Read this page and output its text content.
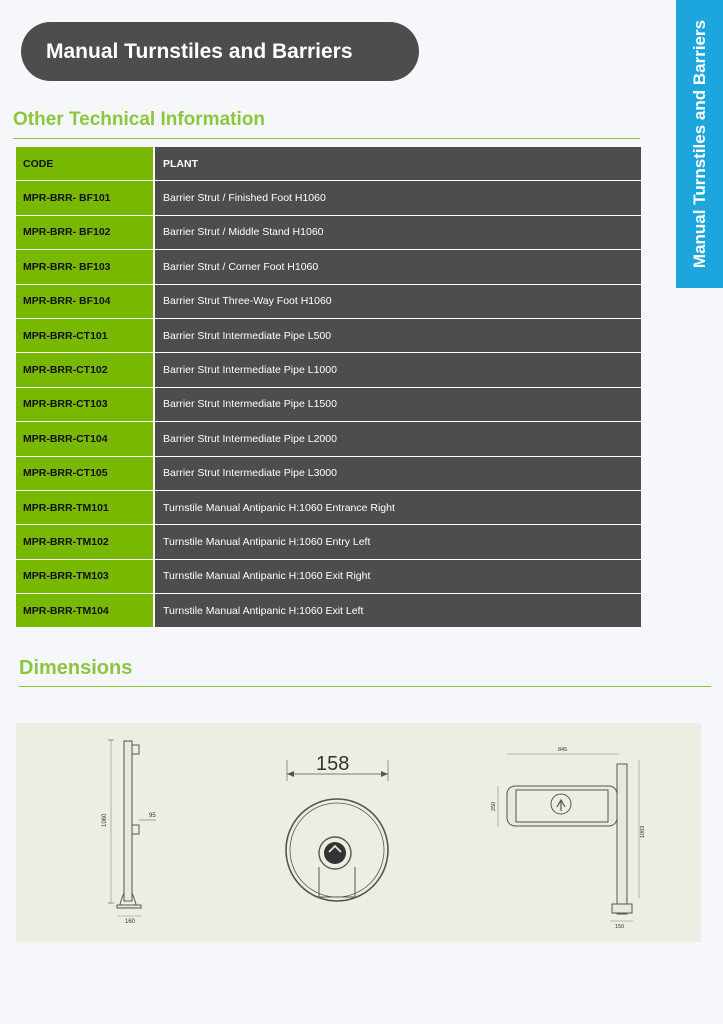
Manual Turnstiles and Barriers	Manual Turnstiles and Barriers
Other Technical Information
CODE	PLANT
MPR-BRR- BF101	Barrier Strut / Finished Foot H1060
MPR-BRR- BF102	Barrier Strut / Middle Stand H1060
MPR-BRR- BF103	Barrier Strut / Corner Foot H1060
MPR-BRR- BF104	Barrier Strut Three-Way Foot H1060
MPR-BRR-CT101	Barrier Strut Intermediate Pipe L500
MPR-BRR-CT102	Barrier Strut Intermediate Pipe L1000
MPR-BRR-CT103	Barrier Strut Intermediate Pipe L1500
MPR-BRR-CT104	Barrier Strut Intermediate Pipe L2000
MPR-BRR-CT105	Barrier Strut Intermediate Pipe L3000
MPR-BRR-TM101	Turnstile Manual Antipanic H:1060 Entrance Right
MPR-BRR-TM102	Turnstile Manual Antipanic H:1060 Entry Left
MPR-BRR-TM103	Turnstile Manual Antipanic H:1060 Exit Right
MPR-BRR-TM104	Turnstile Manual Antipanic H:1060 Exit Left
Dimensions
1060	95
160
158
845
250
1003
150
